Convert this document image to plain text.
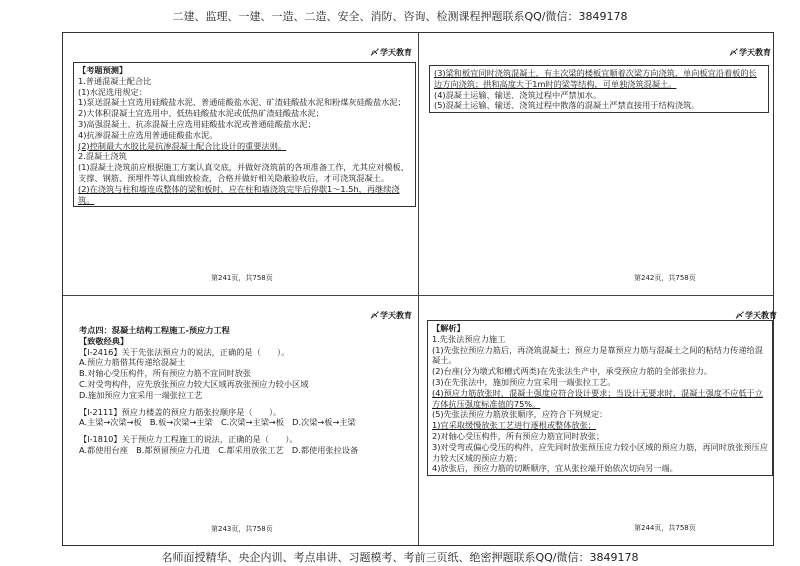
二建、监理、一建、一造、二造、安全、消防、咨询、检测课程押题联系QQ/微信：3849178
〆 学天教育

【考题预测】

1.普通混凝土配合比

(1)水泥选用规定：

1)泵送混凝土宜选用硅酸盐水泥、普通硅酸盐水泥、矿渣硅酸盐水泥和粉煤灰硅酸盐水泥；

2)大体积混凝土宜选用中、低热硅酸盐水泥或低热矿渣硅酸盐水泥；

3)高强混凝土、抗冻混凝土应选用硅酸盐水泥或普通硅酸盐水泥；

4)抗渗混凝土应选用普通硅酸盐水泥。

(2)控制最大水胶比是抗渗混凝土配合比设计的重要法则。

2.混凝土浇筑

(1)混凝土浇筑前应根据施工方案认真交底，并做好浇筑前的各项准备工作，尤其应对模板、支撑、钢筋、预埋件等认真细致检查，合格并做好相关隐蔽验收后，才可浇筑混凝土。

(2)在浇筑与柱和墙连成整体的梁和板时，应在柱和墙浇筑完毕后停歇1～1.5h，再继续浇筑。

第241页，共758页
〆 学天教育

(3)梁和板宜同时浇筑混凝土，有主次梁的楼板宜顺着次梁方向浇筑，单向板宜沿着板的长边方向浇筑；拱和高度大于1m时的梁等结构，可单独浇筑混凝土。

(4)混凝土运输、输送、浇筑过程中严禁加水。

(5)混凝土运输、输送、浇筑过程中散落的混凝土严禁直接用于结构浇筑。

第242页，共758页
〆 学天教育

考点四：混凝土结构工程施工-预应力工程

【致敬经典】

【Ⅰ-2416】关于先张法预应力的说法，正确的是（　　）。

A.预应力筋借其传递给混凝土

B.对轴心受压构件，所有预应力筋不宜同时放张

C.对受弯构件，应先放张预应力较大区域再放张预应力较小区域

D.施加预应力宜采用一端张拉工艺

【Ⅰ-2111】预应力楼盖的预应力筋张拉顺序是（　　）。

A.主梁→次梁→板　B.板→次梁→主梁　C.次梁→主梁→板　D.次梁→板→主梁

【Ⅰ-1810】关于预应力工程施工的说法，正确的是（　　）。

A.都使用台座　B.都预留预应力孔道　C.都采用放张工艺　D.都使用张拉设备

第243页，共758页
〆 学天教育

【解析】

1.先张法预应力施工

(1)先张拉预应力筋后，再浇筑混凝土；预应力是靠预应力筋与混凝土之间的粘结力传递给混凝土。

(2)台座(分为墩式和槽式两类)在先张法生产中，承受预应力筋的全部张拉力。

(3)在先张法中，施加预应力宜采用一端张拉工艺。

(4)预应力筋放张时，混凝土强度应符合设计要求；当设计无要求时，混凝土强度不应低于立方体抗压强度标准值的75%。

(5)先张法预应力筋放张顺序，应符合下列规定：

1)宜采取缓慢放张工艺进行逐根或整体放张；

2)对轴心受压构件，所有预应力筋宜同时放张；

3)对受弯或偏心受压的构件，应先同时放张预压应力较小区域的预应力筋，再同时放张预压应力较大区域的预应力筋；

4)放张后，预应力筋的切断顺序，宜从张拉端开始依次切向另一端。

第244页，共758页
名师面授精华、央企内训、考点串讲、习题模考、考前三页纸、绝密押题联系QQ/微信：3849178
